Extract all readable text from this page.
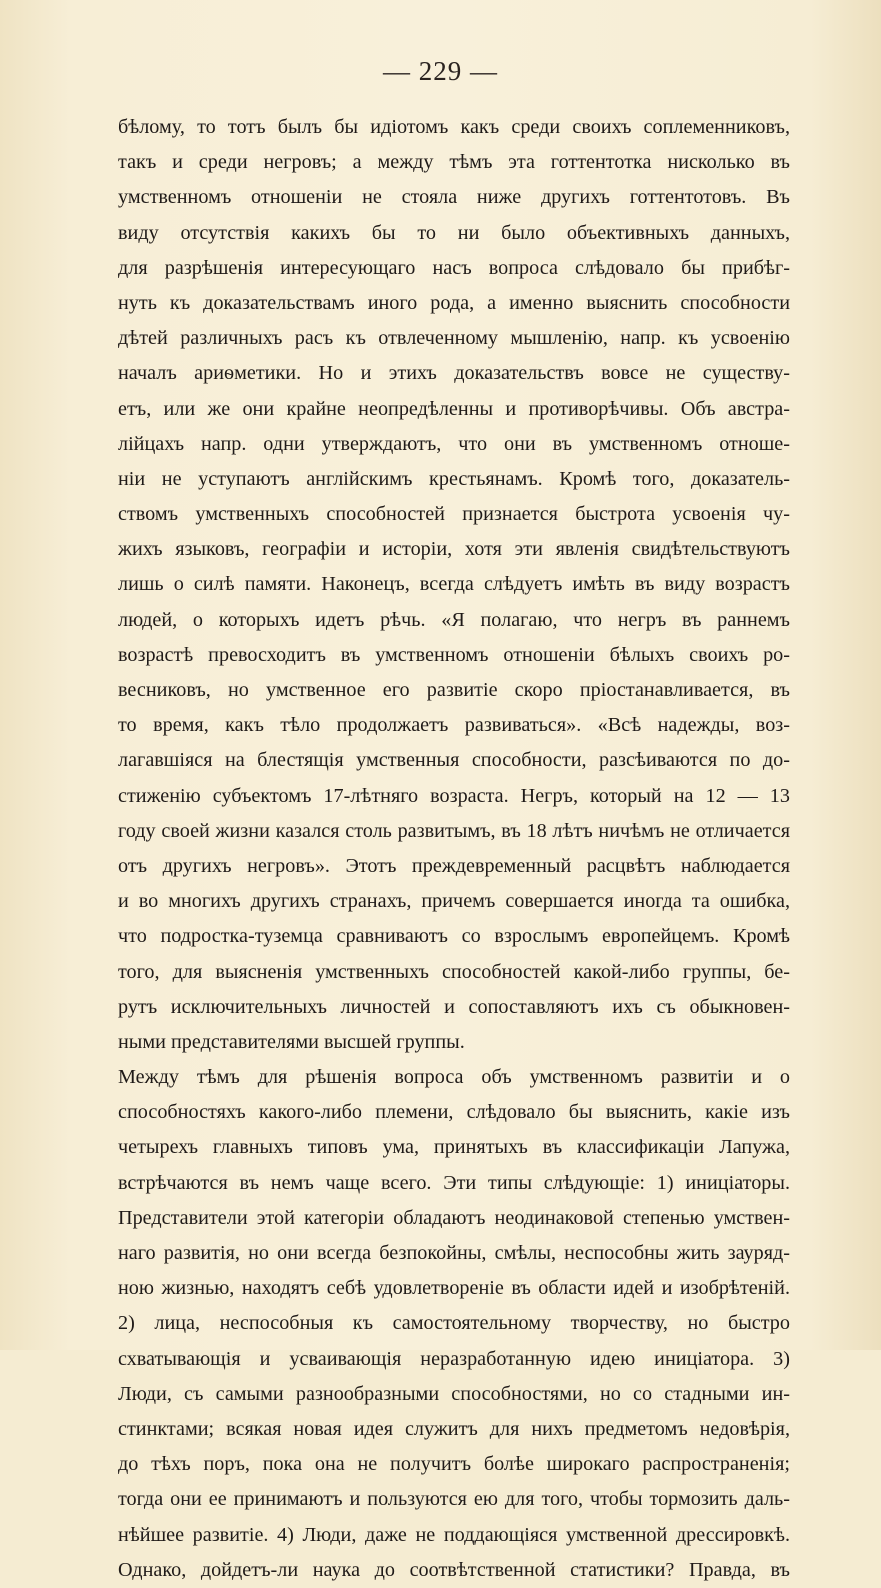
— 229 —
бѣлому, то тотъ былъ бы идіотомъ какъ среди своихъ соплеменниковъ,
такъ и среди негровъ; а между тѣмъ эта готтентотка нисколько въ
умственномъ отношеніи не стояла ниже другихъ готтентотовъ. Въ
виду отсутствія какихъ бы то ни было объективныхъ данныхъ,
для разрѣшенія интересующаго насъ вопроса слѣдовало бы прибѣг-
нуть къ доказательствамъ иного рода, а именно выяснить способности
дѣтей различныхъ расъ къ отвлеченному мышленію, напр. къ усвоенію
началъ ариѳметики. Но и этихъ доказательствъ вовсе не существу-
етъ, или же они крайне неопредѣленны и противорѣчивы. Объ австра-
лійцахъ напр. одни утверждаютъ, что они въ умственномъ отноше-
ніи не уступаютъ англійскимъ крестьянамъ. Кромѣ того, доказатель-
ствомъ умственныхъ способностей признается быстрота усвоенія чу-
жихъ языковъ, географіи и исторіи, хотя эти явленія свидѣтельствуютъ
лишь о силѣ памяти. Наконецъ, всегда слѣдуетъ имѣть въ виду возрастъ
людей, о которыхъ идетъ рѣчь. «Я полагаю, что негръ въ раннемъ
возрастѣ превосходитъ въ умственномъ отношеніи бѣлыхъ своихъ ро-
весниковъ, но умственное его развитіе скоро пріостанавливается, въ
то время, какъ тѣло продолжаетъ развиваться». «Всѣ надежды, воз-
лагавшіяся на блестящія умственныя способности, разсѣиваются по до-
стиженію субъектомъ 17-лѣтняго возраста. Негръ, который на 12 — 13
году своей жизни казался столь развитымъ, въ 18 лѣтъ ничѣмъ не отличается
отъ другихъ негровъ». Этотъ преждевременный расцвѣтъ наблюдается
и во многихъ другихъ странахъ, причемъ совершается иногда та ошибка,
что подростка-туземца сравниваютъ со взрослымъ европейцемъ. Кромѣ
того, для выясненія умственныхъ способностей какой-либо группы, бе-
рутъ исключительныхъ личностей и сопоставляютъ ихъ съ обыкновен-
ными представителями высшей группы.
Между тѣмъ для рѣшенія вопроса объ умственномъ развитіи и о
способностяхъ какого-либо племени, слѣдовало бы выяснить, какіе изъ
четырехъ главныхъ типовъ ума, принятыхъ въ классификаціи Лапужа,
встрѣчаются въ немъ чаще всего. Эти типы слѣдующіе: 1) иниціаторы.
Представители этой категоріи обладаютъ неодинаковой степенью умствен-
наго развитія, но они всегда безпокойны, смѣлы, неспособны жить зауряд-
ною жизнью, находятъ себѣ удовлетвореніе въ области идей и изобрѣтеній.
2) лица, неспособныя къ самостоятельному творчеству, но быстро
схватывающія и усваивающія неразработанную идею иниціатора. 3)
Люди, съ самыми разнообразными способностями, но со стадными ин-
стинктами; всякая новая идея служитъ для нихъ предметомъ недовѣрія,
до тѣхъ поръ, пока она не получитъ болѣе широкаго распространенія;
тогда они ее принимаютъ и пользуются ею для того, чтобы тормозить даль-
нѣйшее развитіе. 4) Люди, даже не поддающіяся умственной дрессировкѣ.
Однако, дойдетъ-ли наука до соотвѣтственной статистики? Правда, въ
